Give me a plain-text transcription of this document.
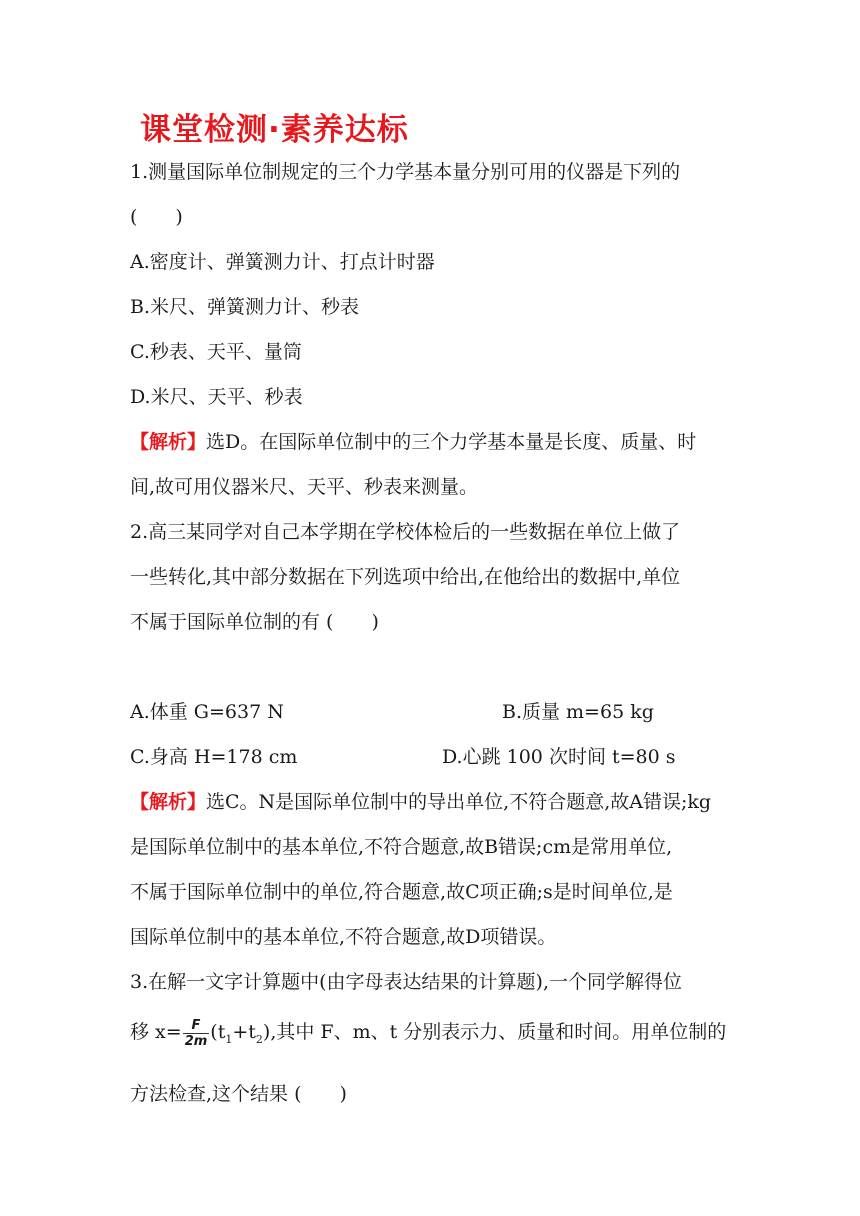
课堂检测·素养达标
1.测量国际单位制规定的三个力学基本量分别可用的仪器是下列的
(　　)
A.密度计、弹簧测力计、打点计时器
B.米尺、弹簧测力计、秒表
C.秒表、天平、量筒
D.米尺、天平、秒表
【解析】选D。在国际单位制中的三个力学基本量是长度、质量、时
间,故可用仪器米尺、天平、秒表来测量。
2.高三某同学对自己本学期在学校体检后的一些数据在单位上做了
一些转化,其中部分数据在下列选项中给出,在他给出的数据中,单位
不属于国际单位制的有 (　　)
A.体重 G=637 N	B.质量 m=65 kg
C.身高 H=178 cm	D.心跳 100 次时间 t=80 s
【解析】选C。N是国际单位制中的导出单位,不符合题意,故A错误;kg
是国际单位制中的基本单位,不符合题意,故B错误;cm是常用单位,
不属于国际单位制中的单位,符合题意,故C项正确;s是时间单位,是
国际单位制中的基本单位,不符合题意,故D项错误。
3.在解一文字计算题中(由字母表达结果的计算题),一个同学解得位
移 $x= \frac{F}{2m} (t_1+t_2)$,其中 F、m、t 分别表示力、质量和时间。用单位制的
方法检查,这个结果 (　　)
